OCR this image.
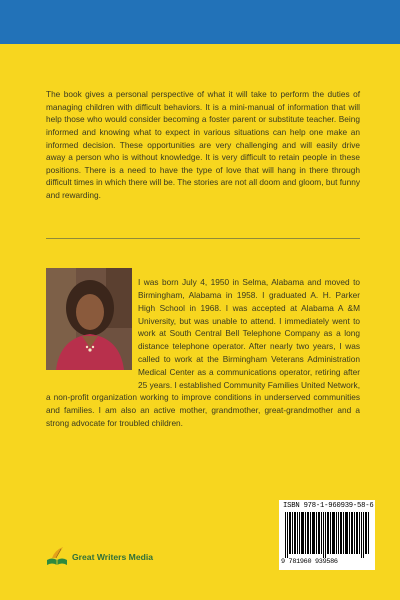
The book gives a personal perspective of what it will take to perform the duties of managing children with difficult behaviors. It is a mini-manual of information that will help those who would consider becoming a foster parent or substitute teacher. Being informed and knowing what to expect in various situations can help one make an informed decision. These opportunities are very challenging and will easily drive away a person who is without knowledge. It is very difficult to retain people in these positions. There is a need to have the type of love that will hang in there through difficult times in which there will be. The stories are not all doom and gloom, but funny and rewarding.

I was born July 4, 1950 in Selma, Alabama and moved to Birmingham, Alabama in 1958. I graduated A. H. Parker High School in 1968. I was accepted at Alabama A &M University, but was unable to attend. I immediately went to work at South Central Bell Telephone Company as a long distance telephone operator. After nearly two years, I was called to work at the Birmingham Veterans Administration Medical Center as a communications operator, retiring after 25 years. I established Community Families United Network, a non-profit organization working to improve conditions in underserved communities and families. I am also an active mother, grandmother, great-grandmother and a strong advocate for troubled children.

ISBN 978-1-960939-58-6
9 781960 939586
Great Writers Media
